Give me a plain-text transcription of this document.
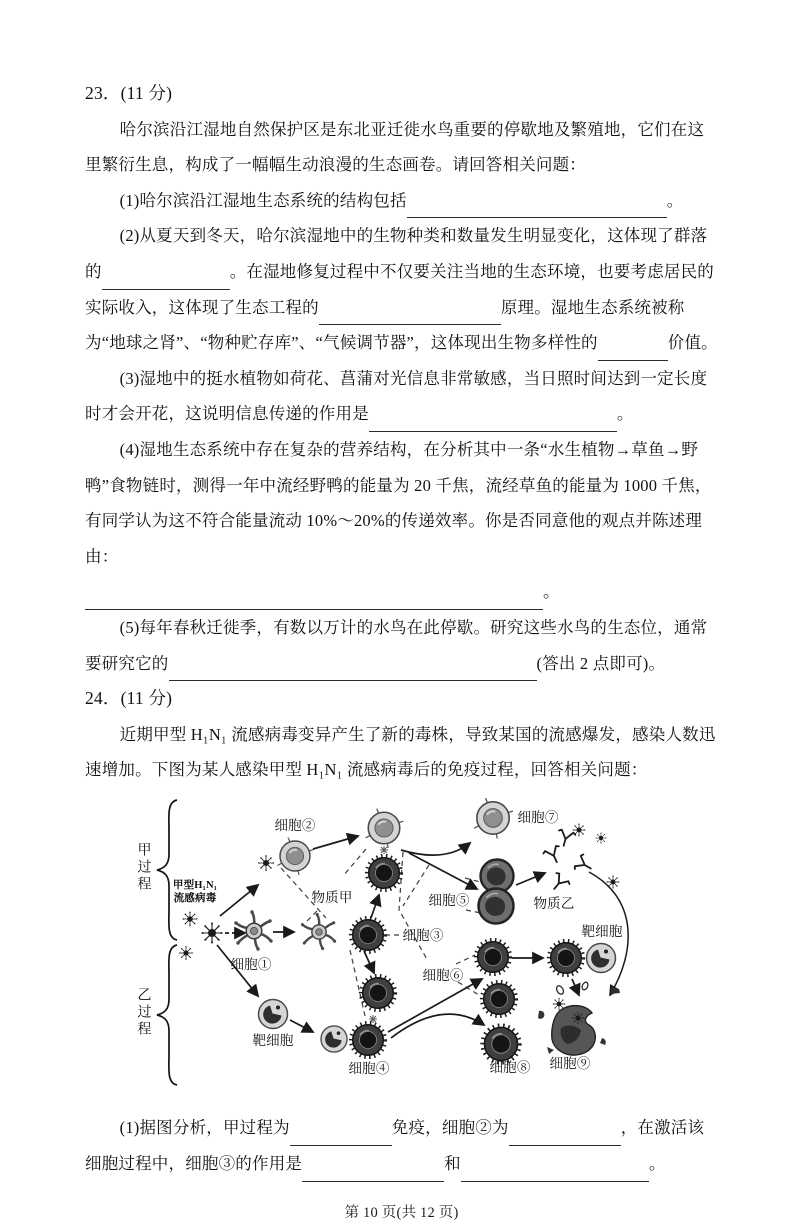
23．(11 分)

哈尔滨沿江湿地自然保护区是东北亚迁徙水鸟重要的停歇地及繁殖地，它们在这里繁衍生息，构成了一幅幅生动浪漫的生态画卷。请回答相关问题：

(1)哈尔滨沿江湿地生态系统的结构包括	。

(2)从夏天到冬天，哈尔滨湿地中的生物种类和数量发生明显变化，这体现了群落的	。在湿地修复过程中不仅要关注当地的生态环境，也要考虑居民的实际收入，这体现了生态工程的	原理。湿地生态系统被称为“地球之肾”、“物种贮存库”、“气候调节器”，这体现出生物多样性的	价值。

(3)湿地中的挺水植物如荷花、菖蒲对光信息非常敏感，当日照时间达到一定长度时才会开花，这说明信息传递的作用是	。

(4)湿地生态系统中存在复杂的营养结构，在分析其中一条“水生植物→草鱼→野鸭”食物链时，测得一年中流经野鸭的能量为 20 千焦，流经草鱼的能量为 1000 千焦，有同学认为这不符合能量流动 10%～20%的传递效率。你是否同意他的观点并陈述理由：

。

(5)每年春秋迁徙季，有数以万计的水鸟在此停歇。研究这些水鸟的生态位，通常要研究它的	(答出 2 点即可)。

24．(11 分)

近期甲型 H₁N₁ 流感病毒变异产生了新的毒株，导致某国的流感爆发，感染人数迅速增加。下图为某人感染甲型 H₁N₁ 流感病毒后的免疫过程，回答相关问题：

甲过程
乙过程
甲型H₁N₁
流感病毒
细胞①
细胞②
物质甲
细胞③
靶细胞
细胞④
细胞⑦
细胞⑤	物质乙
细胞⑥
靶细胞
细胞⑨
细胞⑧

(1)据图分析，甲过程为	免疫，细胞②为	，在激活该细胞过程中，细胞③的作用是	和	。

第 10 页(共 12 页)
